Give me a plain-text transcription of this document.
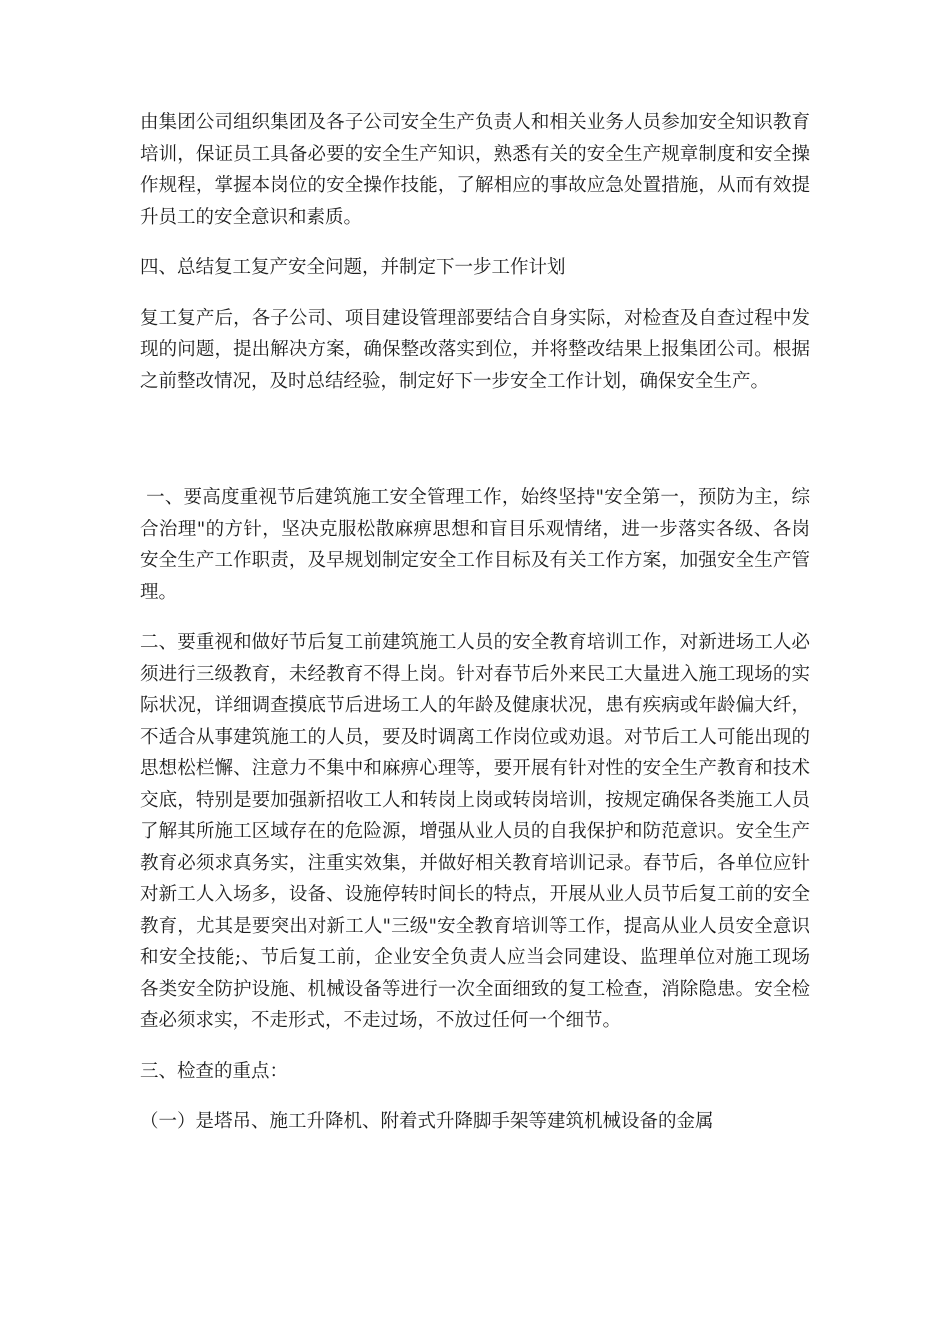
由集团公司组织集团及各子公司安全生产负责人和相关业务人员参加安全知识教育培训，保证员工具备必要的安全生产知识，熟悉有关的安全生产规章制度和安全操作规程，掌握本岗位的安全操作技能，了解相应的事故应急处置措施，从而有效提升员工的安全意识和素质。

四、总结复工复产安全问题，并制定下一步工作计划

复工复产后，各子公司、项目建设管理部要结合自身实际，对检查及自查过程中发现的问题，提出解决方案，确保整改落实到位，并将整改结果上报集团公司。根据之前整改情况，及时总结经验，制定好下一步安全工作计划，确保安全生产。

一、要高度重视节后建筑施工安全管理工作，始终坚持"安全第一，预防为主，综合治理"的方针，坚决克服松散麻痹思想和盲目乐观情绪，进一步落实各级、各岗安全生产工作职责，及早规划制定安全工作目标及有关工作方案，加强安全生产管理。

二、要重视和做好节后复工前建筑施工人员的安全教育培训工作，对新进场工人必须进行三级教育，未经教育不得上岗。针对春节后外来民工大量进入施工现场的实际状况，详细调查摸底节后进场工人的年龄及健康状况，患有疾病或年龄偏大纤，不适合从事建筑施工的人员，要及时调离工作岗位或劝退。对节后工人可能出现的思想松栏懈、注意力不集中和麻痹心理等，要开展有针对性的安全生产教育和技术交底，特别是要加强新招收工人和转岗上岗或转岗培训，按规定确保各类施工人员了解其所施工区域存在的危险源，增强从业人员的自我保护和防范意识。安全生产教育必须求真务实，注重实效集，并做好相关教育培训记录。春节后，各单位应针对新工人入场多，设备、设施停转时间长的特点，开展从业人员节后复工前的安全教育，尤其是要突出对新工人"三级"安全教育培训等工作，提高从业人员安全意识和安全技能;、节后复工前，企业安全负责人应当会同建设、监理单位对施工现场各类安全防护设施、机械设备等进行一次全面细致的复工检查，消除隐患。安全检查必须求实，不走形式，不走过场，不放过任何一个细节。

三、检查的重点：

（一）是塔吊、施工升降机、附着式升降脚手架等建筑机械设备的金属
